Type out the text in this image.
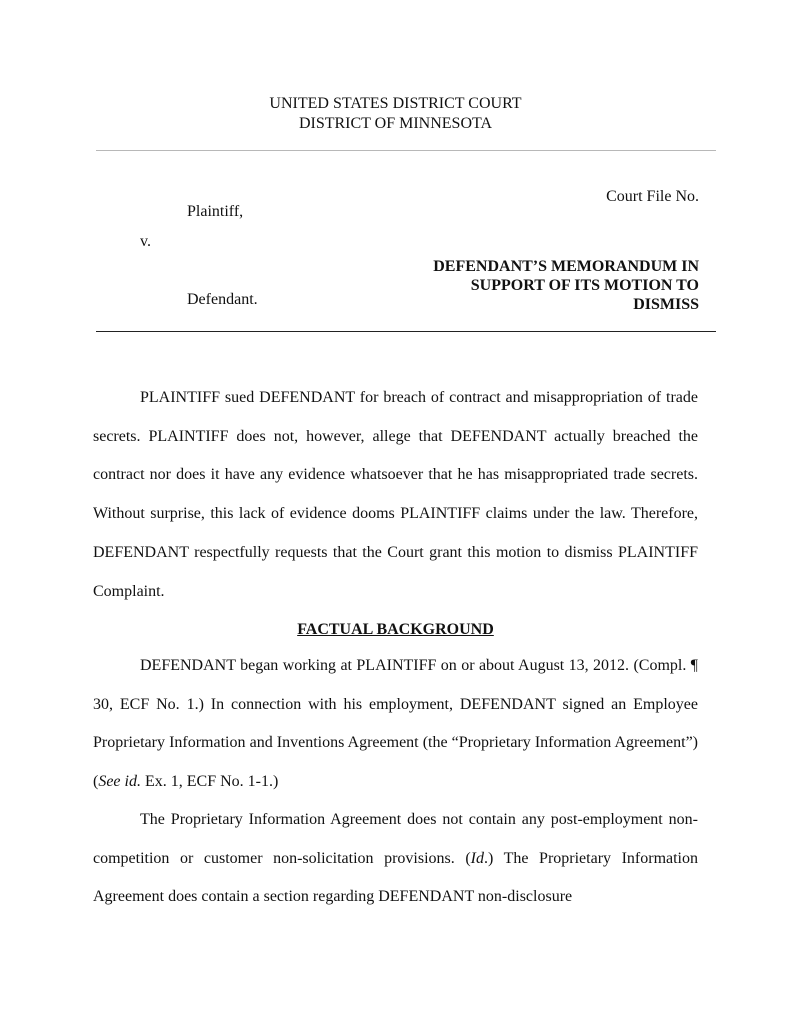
UNITED STATES DISTRICT COURT
DISTRICT OF MINNESOTA
Plaintiff,
v.
Defendant.
Court File No.
DEFENDANT’S MEMORANDUM IN
SUPPORT OF ITS MOTION TO
DISMISS

PLAINTIFF sued DEFENDANT for breach of contract and misappropriation of trade secrets. PLAINTIFF does not, however, allege that DEFENDANT actually breached the contract nor does it have any evidence whatsoever that he has misappropriated trade secrets. Without surprise, this lack of evidence dooms PLAINTIFF claims under the law. Therefore, DEFENDANT respectfully requests that the Court grant this motion to dismiss PLAINTIFF Complaint.

FACTUAL BACKGROUND

DEFENDANT began working at PLAINTIFF on or about August 13, 2012. (Compl. ¶ 30, ECF No. 1.) In connection with his employment, DEFENDANT signed an Employee Proprietary Information and Inventions Agreement (the “Proprietary Information Agreement”) (See id. Ex. 1, ECF No. 1-1.)

The Proprietary Information Agreement does not contain any post-employment non-competition or customer non-solicitation provisions. (Id.) The Proprietary Information Agreement does contain a section regarding DEFENDANT non-disclosure
